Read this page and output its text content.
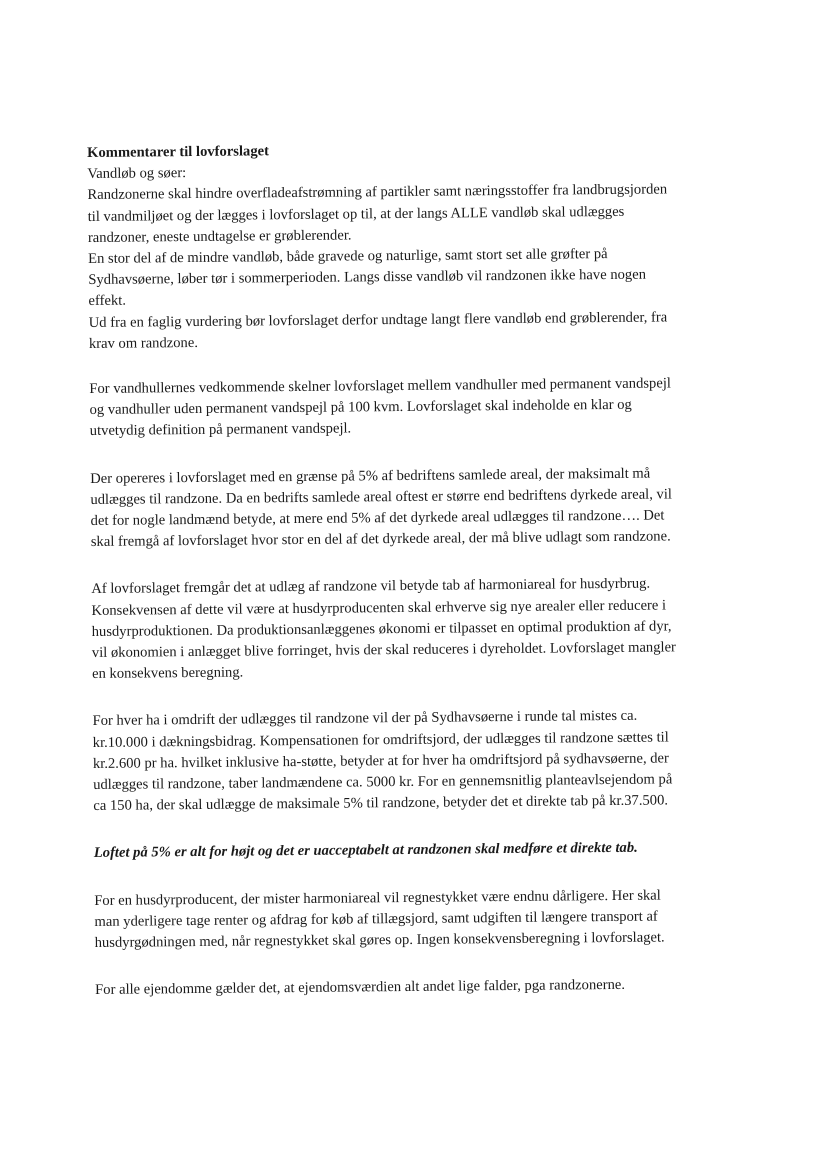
Kommentarer til lovforslaget

Vandløb og søer:
Randzonerne skal hindre overfladeafstrømning af partikler samt næringsstoffer fra landbrugsjorden
til vandmiljøet og der lægges i lovforslaget op til, at der langs ALLE vandløb skal udlægges
randzoner, eneste undtagelse er grøblerender.
En stor del af de mindre vandløb, både gravede og naturlige, samt stort set alle grøfter på
Sydhavsøerne, løber tør i sommerperioden. Langs disse vandløb vil randzonen ikke have nogen
effekt.
Ud fra en faglig vurdering bør lovforslaget derfor undtage langt flere vandløb end grøblerender, fra
krav om randzone.

For vandhullernes vedkommende skelner lovforslaget mellem vandhuller med permanent vandspejl
og vandhuller uden permanent vandspejl på 100 kvm. Lovforslaget skal indeholde en klar og
utvetydig definition på permanent vandspejl.

Der opereres i lovforslaget med en grænse på 5% af bedriftens samlede areal, der maksimalt må
udlægges til randzone. Da en bedrifts samlede areal oftest er større end bedriftens dyrkede areal, vil
det for nogle landmænd betyde, at mere end 5% af det dyrkede areal udlægges til randzone…. Det
skal fremgå af lovforslaget hvor stor en del af det dyrkede areal, der må blive udlagt som randzone.

Af lovforslaget fremgår det at udlæg af randzone vil betyde tab af harmoniareal for husdyrbrug.
Konsekvensen af dette vil være at husdyrproducenten skal erhverve sig nye arealer eller reducere i
husdyrproduktionen. Da produktionsanlæggenes økonomi er tilpasset en optimal produktion af dyr,
vil økonomien i anlægget blive forringet, hvis der skal reduceres i dyreholdet. Lovforslaget mangler
en konsekvens beregning.

For hver ha i omdrift der udlægges til randzone vil der på Sydhavsøerne i runde tal mistes ca.
kr.10.000 i dækningsbidrag. Kompensationen for omdriftsjord, der udlægges til randzone sættes til
kr.2.600 pr ha. hvilket inklusive ha-støtte, betyder at for hver ha omdriftsjord på sydhavsøerne, der
udlægges til randzone, taber landmændene ca. 5000 kr. For en gennemsnitlig planteavlsejendom på
ca 150 ha, der skal udlægge de maksimale 5% til randzone, betyder det et direkte tab på kr.37.500.

Loftet på 5% er alt for højt og det er uacceptabelt at randzonen skal medføre et direkte tab.

For en husdyrproducent, der mister harmoniareal vil regnestykket være endnu dårligere. Her skal
man yderligere tage renter og afdrag for køb af tillægsjord, samt udgiften til længere transport af
husdyrgødningen med, når regnestykket skal gøres op. Ingen konsekvensberegning i lovforslaget.

For alle ejendomme gælder det, at ejendomsværdien alt andet lige falder, pga randzonerne.
